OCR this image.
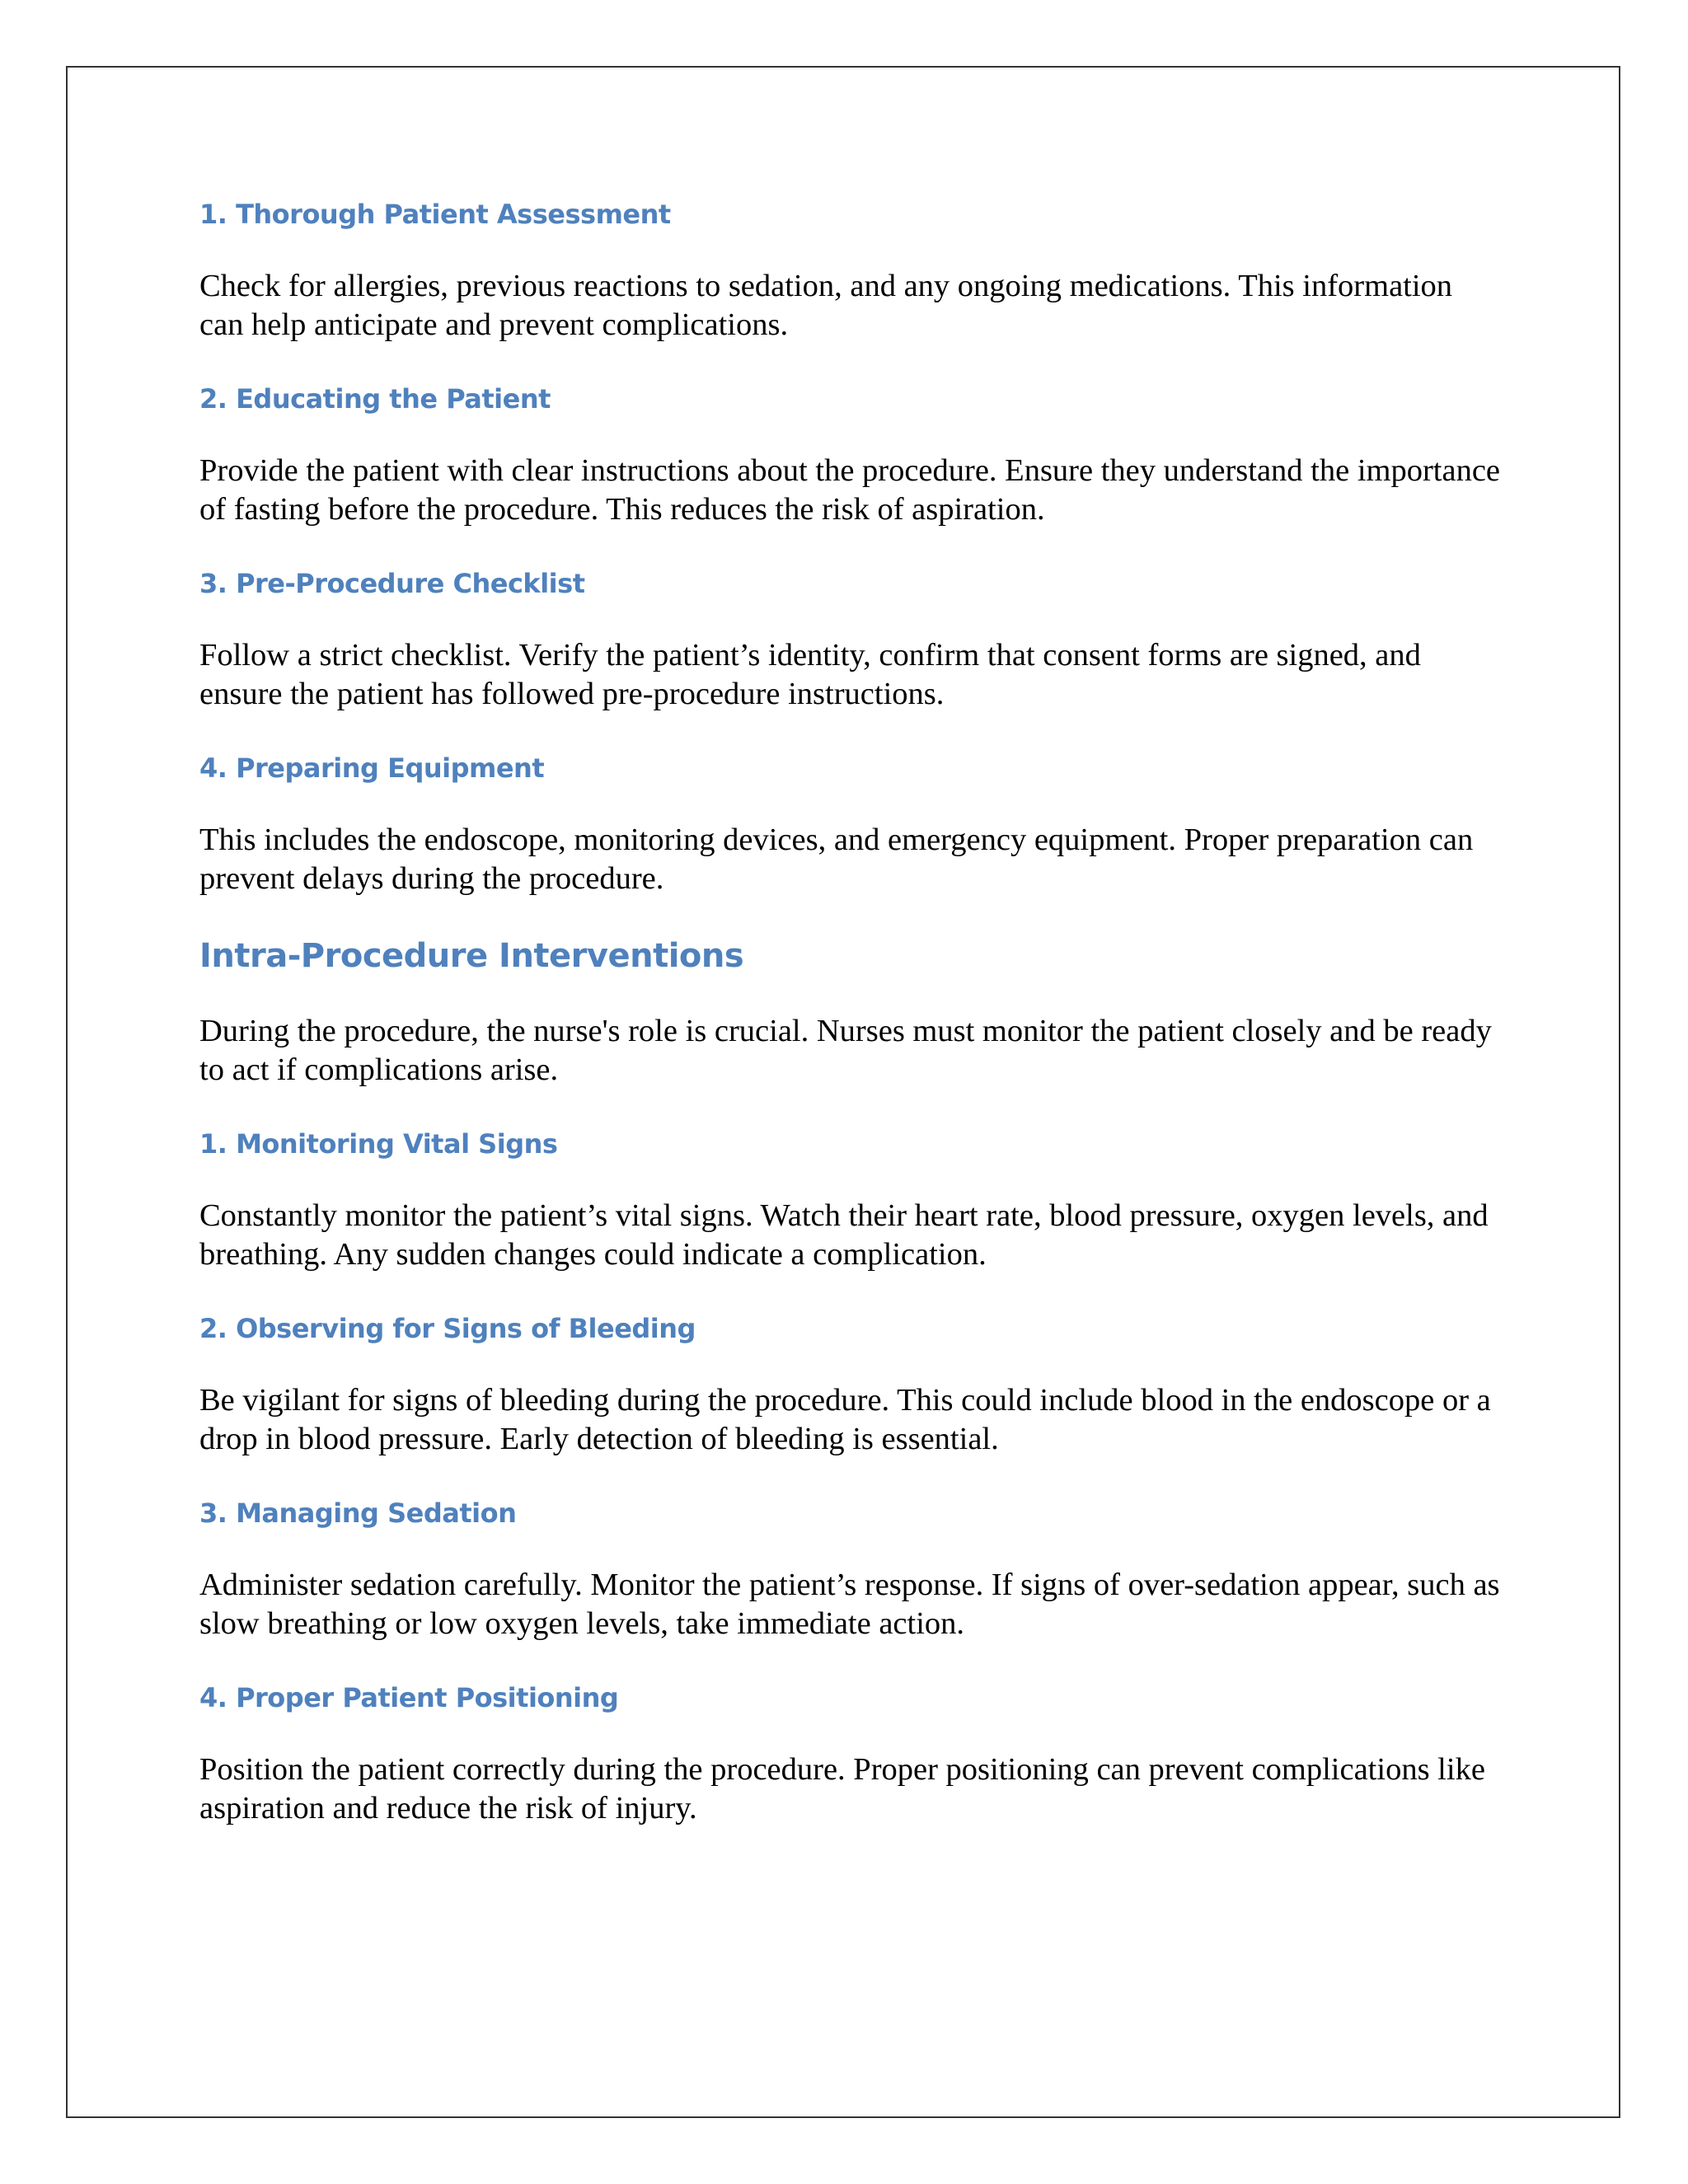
1. Thorough Patient Assessment

Check for allergies, previous reactions to sedation, and any ongoing medications. This information can help anticipate and prevent complications.

2. Educating the Patient

Provide the patient with clear instructions about the procedure. Ensure they understand the importance of fasting before the procedure. This reduces the risk of aspiration.

3. Pre-Procedure Checklist

Follow a strict checklist. Verify the patient’s identity, confirm that consent forms are signed, and ensure the patient has followed pre-procedure instructions.

4. Preparing Equipment

This includes the endoscope, monitoring devices, and emergency equipment. Proper preparation can prevent delays during the procedure.

Intra-Procedure Interventions

During the procedure, the nurse's role is crucial. Nurses must monitor the patient closely and be ready to act if complications arise.

1. Monitoring Vital Signs

Constantly monitor the patient’s vital signs. Watch their heart rate, blood pressure, oxygen levels, and breathing. Any sudden changes could indicate a complication.

2. Observing for Signs of Bleeding

Be vigilant for signs of bleeding during the procedure. This could include blood in the endoscope or a drop in blood pressure. Early detection of bleeding is essential.

3. Managing Sedation

Administer sedation carefully. Monitor the patient’s response. If signs of over-sedation appear, such as slow breathing or low oxygen levels, take immediate action.

4. Proper Patient Positioning

Position the patient correctly during the procedure. Proper positioning can prevent complications like aspiration and reduce the risk of injury.
